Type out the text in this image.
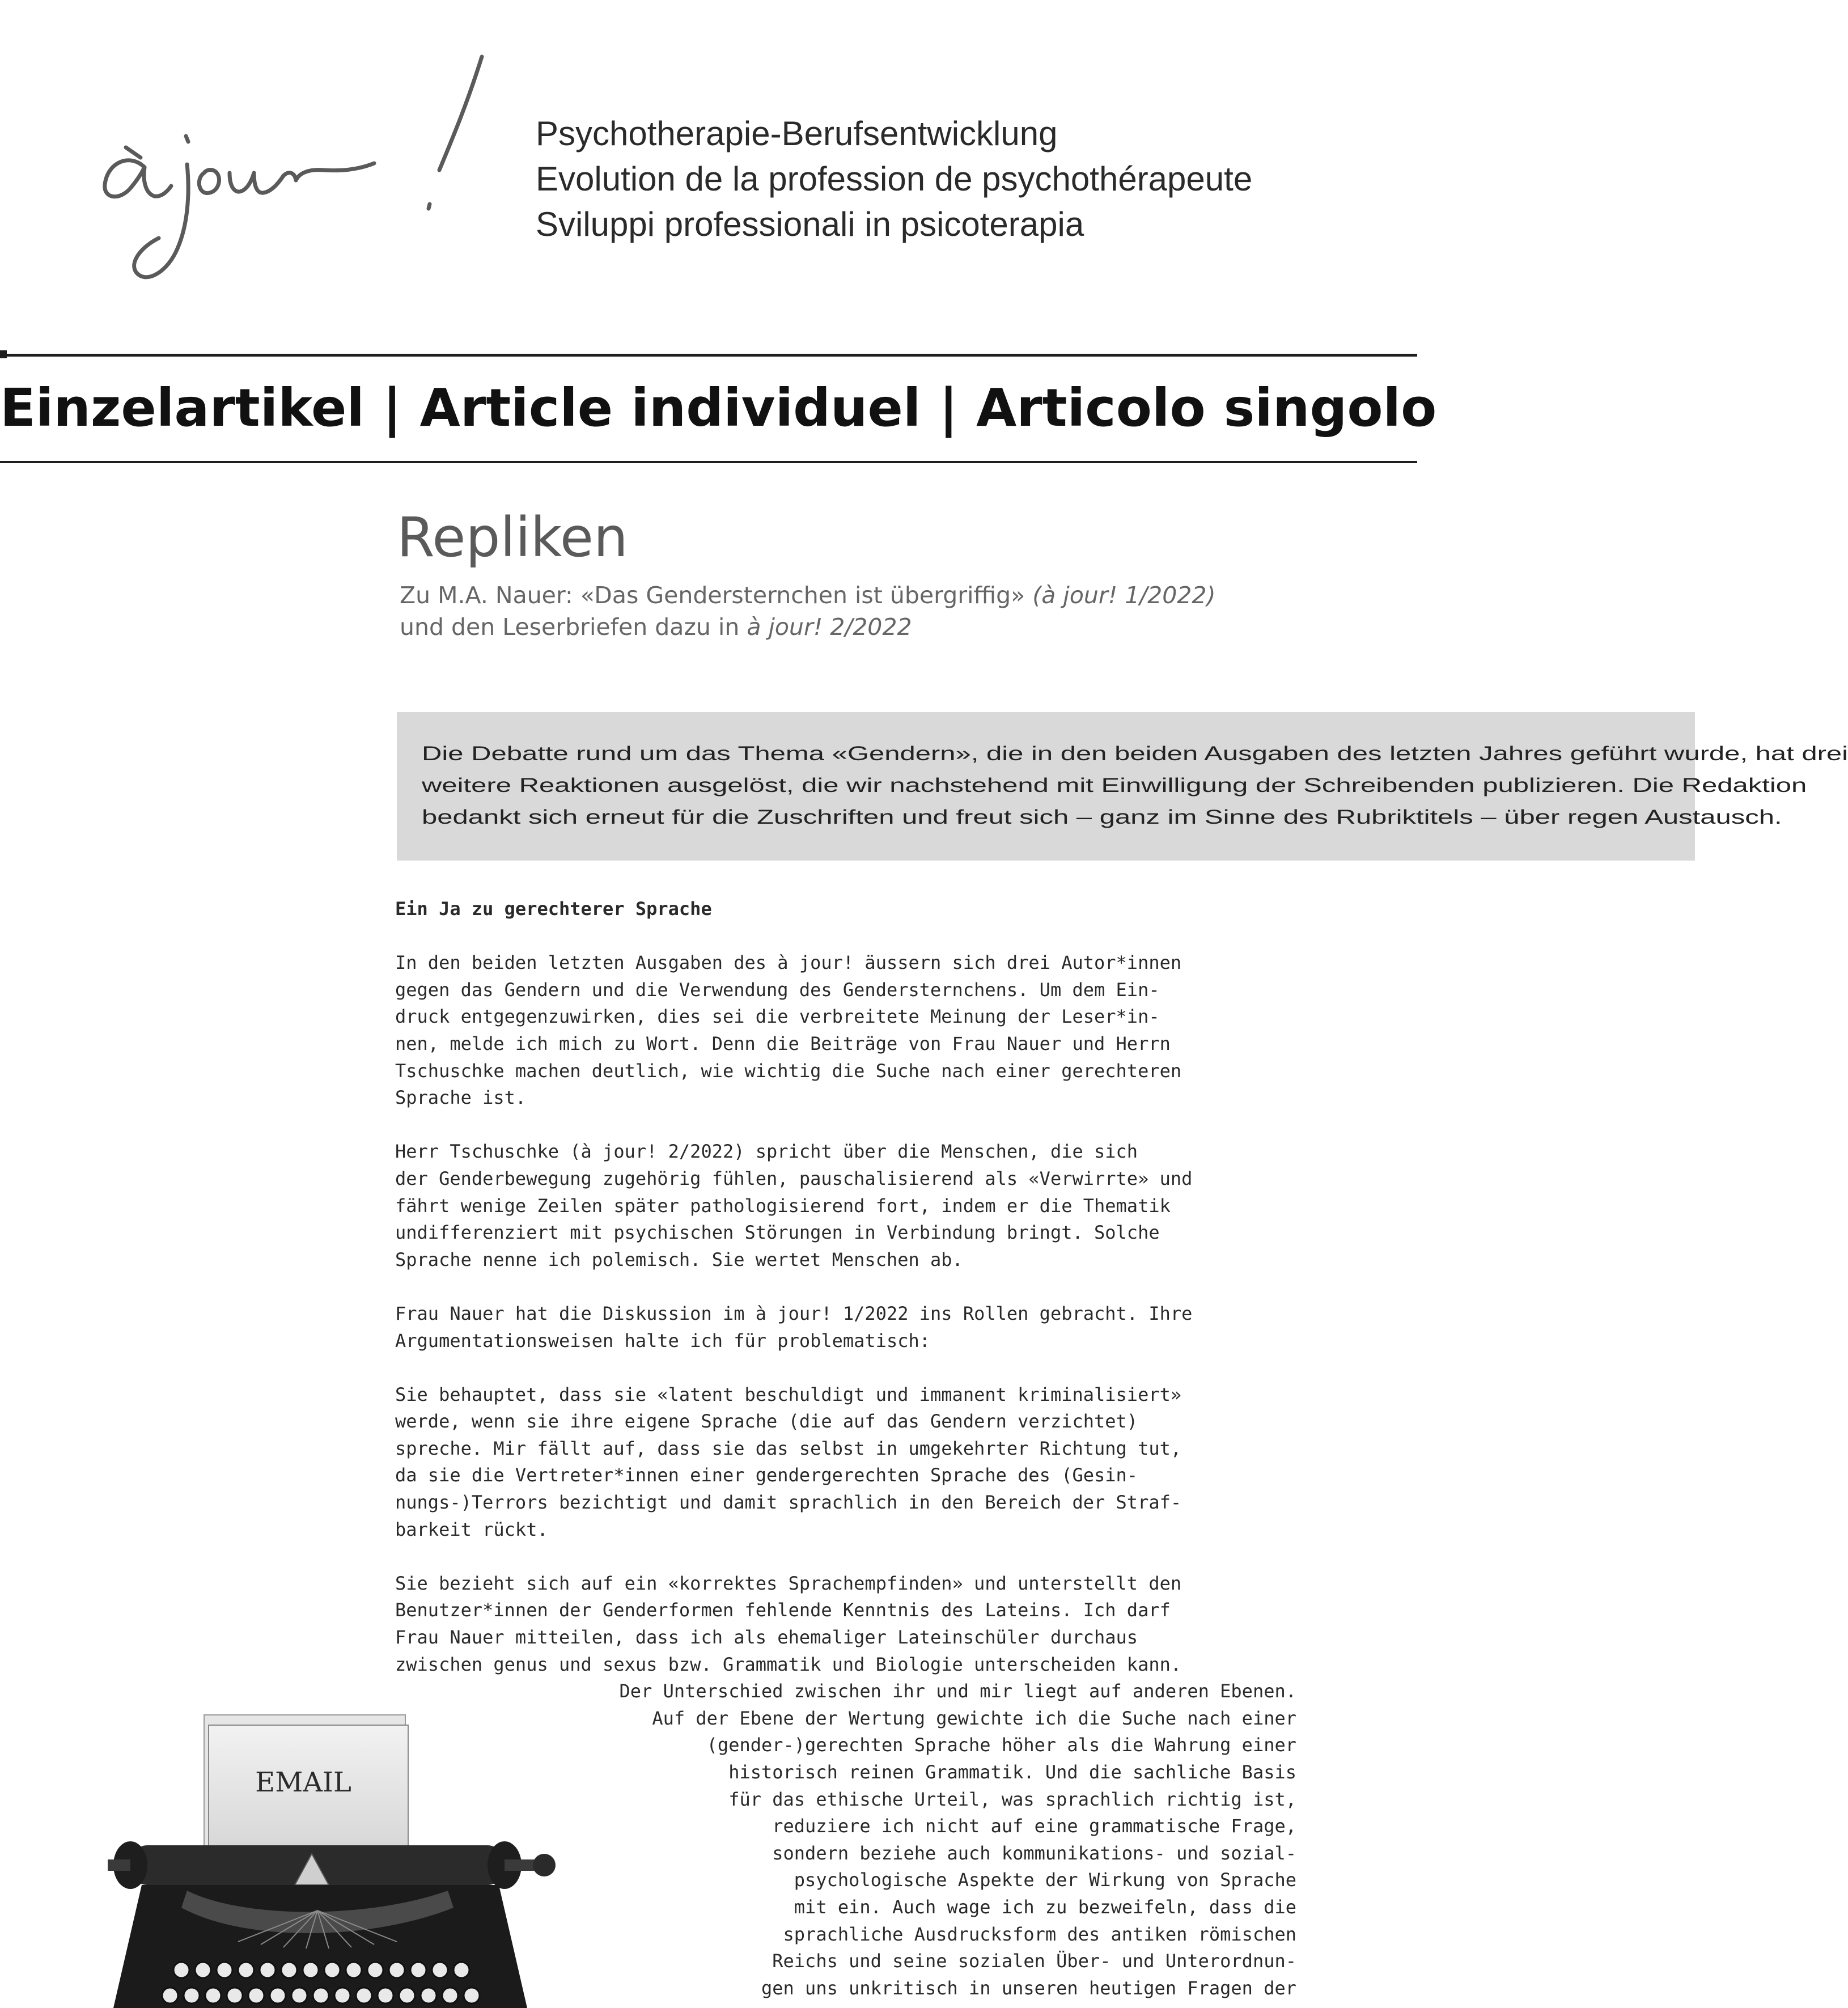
Psychotherapie-Berufsentwicklung
Evolution de la profession de psychothérapeute
Sviluppi professionali in psicoterapia
Einzelartikel | Article individuel | Articolo singolo
Repliken
Zu M.A. Nauer: «Das Gendersternchen ist übergriffig» (à jour! 1/2022)
und den Leserbriefen dazu in à jour! 2/2022
Die Debatte rund um das Thema «Gendern», die in den beiden Ausgaben des letzten Jahres geführt wurde, hat drei
weitere Reaktionen ausgelöst, die wir nachstehend mit Einwilligung der Schreibenden publizieren. Die Redaktion
bedankt sich erneut für die Zuschriften und freut sich – ganz im Sinne des Rubriktitels – über regen Austausch.
Ein Ja zu gerechterer Sprache
In den beiden letzten Ausgaben des à jour! äussern sich drei Autor*innen
gegen das Gendern und die Verwendung des Gendersternchens. Um dem Ein-
druck entgegenzuwirken, dies sei die verbreitete Meinung der Leser*in-
nen, melde ich mich zu Wort. Denn die Beiträge von Frau Nauer und Herrn
Tschuschke machen deutlich, wie wichtig die Suche nach einer gerechteren
Sprache ist.
Herr Tschuschke (à jour! 2/2022) spricht über die Menschen, die sich
der Genderbewegung zugehörig fühlen, pauschalisierend als «Verwirrte» und
fährt wenige Zeilen später pathologisierend fort, indem er die Thematik
undifferenziert mit psychischen Störungen in Verbindung bringt. Solche
Sprache nenne ich polemisch. Sie wertet Menschen ab.
Frau Nauer hat die Diskussion im à jour! 1/2022 ins Rollen gebracht. Ihre
Argumentationsweisen halte ich für problematisch:
Sie behauptet, dass sie «latent beschuldigt und immanent kriminalisiert»
werde, wenn sie ihre eigene Sprache (die auf das Gendern verzichtet)
spreche. Mir fällt auf, dass sie das selbst in umgekehrter Richtung tut,
da sie die Vertreter*innen einer gendergerechten Sprache des (Gesin-
nungs-)Terrors bezichtigt und damit sprachlich in den Bereich der Straf-
barkeit rückt.
Sie bezieht sich auf ein «korrektes Sprachempfinden» und unterstellt den
Benutzer*innen der Genderformen fehlende Kenntnis des Lateins. Ich darf
Frau Nauer mitteilen, dass ich als ehemaliger Lateinschüler durchaus
zwischen genus und sexus bzw. Grammatik und Biologie unterscheiden kann.
Der Unterschied zwischen ihr und mir liegt auf anderen Ebenen.
Auf der Ebene der Wertung gewichte ich die Suche nach einer
(gender-)gerechten Sprache höher als die Wahrung einer
historisch reinen Grammatik. Und die sachliche Basis
für das ethische Urteil, was sprachlich richtig ist,
reduziere ich nicht auf eine grammatische Frage,
sondern beziehe auch kommunikations- und sozial-
psychologische Aspekte der Wirkung von Sprache
mit ein. Auch wage ich zu bezweifeln, dass die
sprachliche Ausdrucksform des antiken römischen
Reichs und seine sozialen Über- und Unterordnun-
gen uns unkritisch in unseren heutigen Fragen der
EMAIL
